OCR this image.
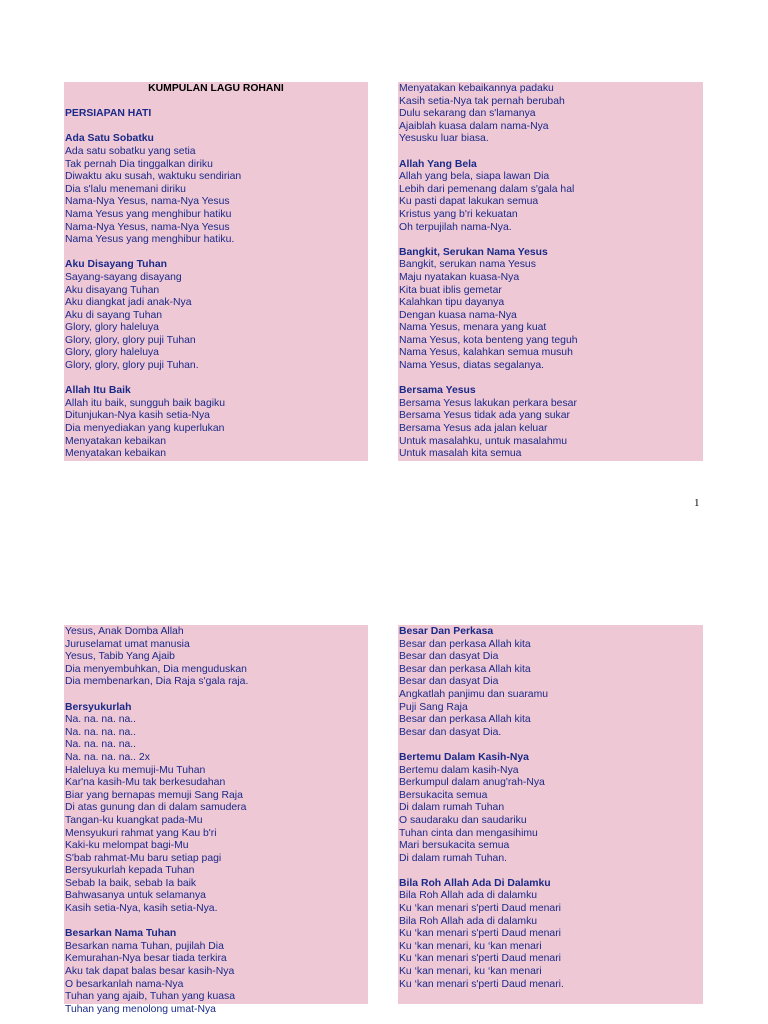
KUMPULAN LAGU ROHANI
PERSIAPAN HATI
Ada Satu Sobatku
Ada satu sobatku yang setia
Tak pernah Dia tinggalkan diriku
Diwaktu aku susah, waktuku sendirian
Dia s'lalu menemani diriku
Nama-Nya Yesus, nama-Nya Yesus
Nama Yesus yang menghibur hatiku
Nama-Nya Yesus, nama-Nya Yesus
Nama Yesus yang menghibur hatiku.
Aku Disayang Tuhan
Sayang-sayang disayang
Aku disayang Tuhan
Aku diangkat jadi anak-Nya
Aku di sayang Tuhan
Glory, glory haleluya
Glory, glory, glory puji Tuhan
Glory, glory haleluya
Glory, glory, glory puji Tuhan.
Allah Itu Baik
Allah itu baik, sungguh baik bagiku
Ditunjukan-Nya kasih setia-Nya
Dia menyediakan yang kuperlukan
Menyatakan kebaikan
Menyatakan kebaikan
Menyatakan kebaikannya padaku
Kasih setia-Nya tak pernah berubah
Dulu sekarang dan s'lamanya
Ajaiblah kuasa dalam nama-Nya
Yesusku luar biasa.
Allah Yang Bela
Allah yang bela, siapa lawan Dia
Lebih dari pemenang dalam s'gala hal
Ku pasti dapat lakukan semua
Kristus yang b'ri kekuatan
Oh terpujilah nama-Nya.
Bangkit, Serukan Nama Yesus
Bangkit, serukan nama Yesus
Maju nyatakan kuasa-Nya
Kita buat iblis gemetar
Kalahkan tipu dayanya
Dengan kuasa nama-Nya
Nama Yesus, menara yang kuat
Nama Yesus, kota benteng yang teguh
Nama Yesus, kalahkan semua musuh
Nama Yesus, diatas segalanya.
Bersama Yesus
Bersama Yesus lakukan perkara besar
Bersama Yesus tidak ada yang sukar
Bersama Yesus ada jalan keluar
Untuk masalahku, untuk masalahmu
Untuk masalah kita semua
Yesus, Anak Domba Allah
Juruselamat umat manusia
Yesus, Tabib Yang Ajaib
Dia menyembuhkan, Dia menguduskan
Dia membenarkan, Dia Raja s'gala raja.
Bersyukurlah
Na. na. na. na..
Na. na. na. na..
Na. na. na. na..
Na. na. na. na.. 2x
Haleluya ku memuji-Mu Tuhan
Kar'na kasih-Mu tak berkesudahan
Biar yang bernapas memuji Sang Raja
Di atas gunung dan di dalam samudera
Tangan-ku kuangkat pada-Mu
Mensyukuri rahmat yang Kau b'ri
Kaki-ku melompat bagi-Mu
S'bab rahmat-Mu baru setiap pagi
Bersyukurlah kepada Tuhan
Sebab Ia baik, sebab Ia baik
Bahwasanya untuk selamanya
Kasih setia-Nya, kasih setia-Nya.
Besarkan Nama Tuhan
Besarkan nama Tuhan, pujilah Dia
Kemurahan-Nya besar tiada terkira
Aku tak dapat balas besar kasih-Nya
O besarkanlah nama-Nya
Tuhan yang ajaib, Tuhan yang kuasa
Tuhan yang menolong umat-Nya
Besar Dan Perkasa
Besar dan perkasa Allah kita
Besar dan dasyat Dia
Besar dan perkasa Allah kita
Besar dan dasyat Dia
Angkatlah panjimu dan suaramu
Puji Sang Raja
Besar dan perkasa Allah kita
Besar dan dasyat Dia.
Bertemu Dalam Kasih-Nya
Bertemu dalam kasih-Nya
Berkumpul dalam anug'rah-Nya
Bersukacita semua
Di dalam rumah Tuhan
O saudaraku dan saudariku
Tuhan cinta dan mengasihimu
Mari bersukacita semua
Di dalam rumah Tuhan.
Bila Roh Allah Ada Di Dalamku
Bila Roh Allah ada di dalamku
Ku ‘kan menari s'perti Daud menari
Bila Roh Allah ada di dalamku
Ku ‘kan menari s'perti Daud menari
Ku ‘kan menari, ku ‘kan menari
Ku ‘kan menari s'perti Daud menari
Ku ‘kan menari, ku ‘kan menari
Ku ‘kan menari s'perti Daud menari.
1
